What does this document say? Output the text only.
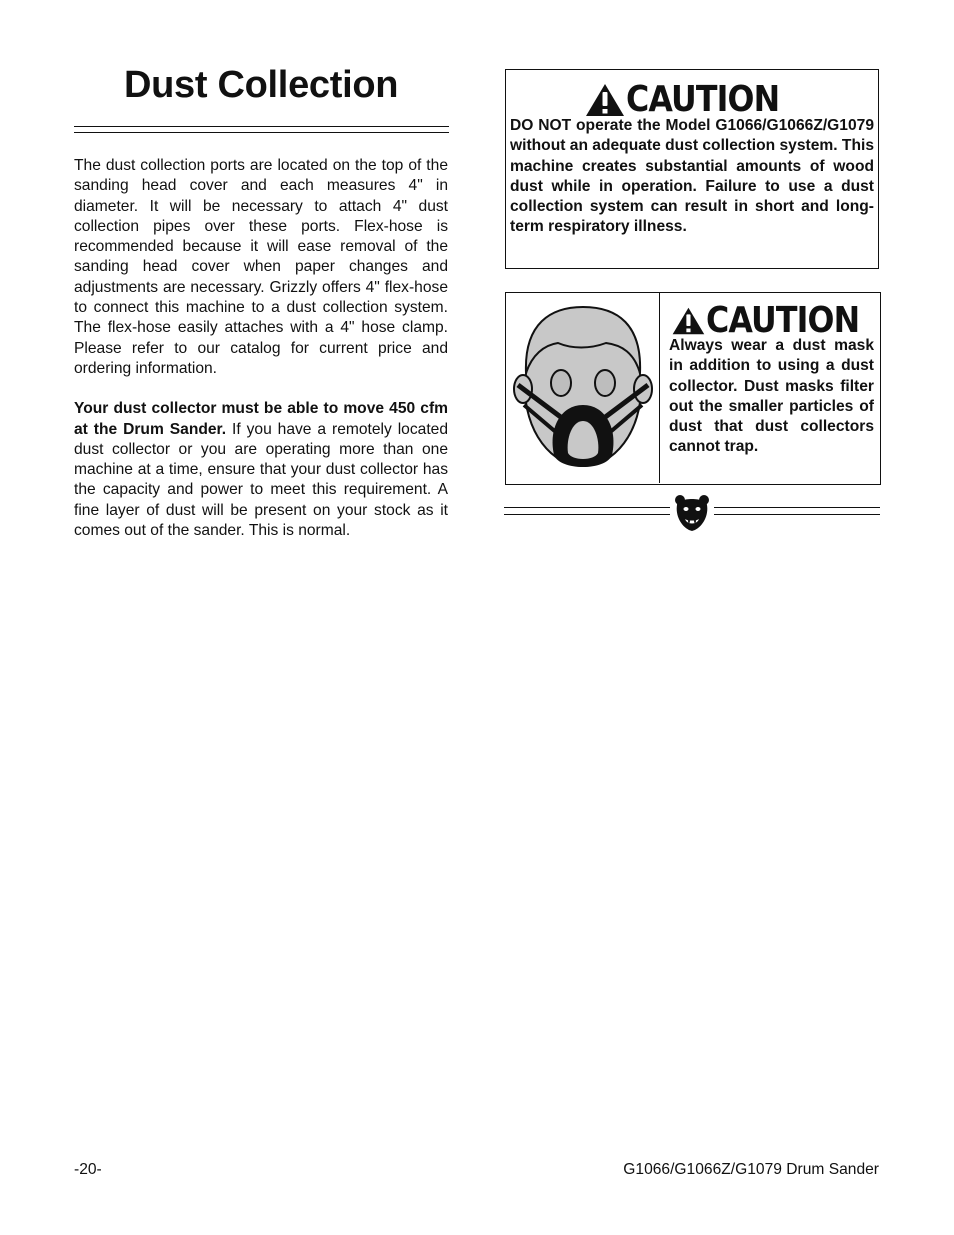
Dust Collection

The dust collection ports are located on the top of the sanding head cover and each measures 4" in diameter. It will be necessary to attach 4" dust collection pipes over these ports. Flex-hose is recommended because it will ease removal of the sanding head cover when paper changes and adjustments are necessary. Grizzly offers 4" flex-hose to connect this machine to a dust collection system. The flex-hose easily attaches with a 4" hose clamp. Please refer to our catalog for current price and ordering information.

Your dust collector must be able to move 450 cfm at the Drum Sander. If you have a remotely located dust collector or you are operating more than one machine at a time, ensure that your dust collector has the capacity and power to meet this requirement. A fine layer of dust will be present on your stock as it comes out of the sander. This is normal.

CAUTION
DO NOT operate the Model G1066/G1066Z/G1079 without an adequate dust collection system. This machine creates substantial amounts of wood dust while in operation. Failure to use a dust collection system can result in short and long-term respiratory illness.
CAUTION
Always wear a dust mask in addition to using a dust collector. Dust masks filter out the smaller particles of dust that dust collectors cannot trap.
-20-	G1066/G1066Z/G1079 Drum Sander
